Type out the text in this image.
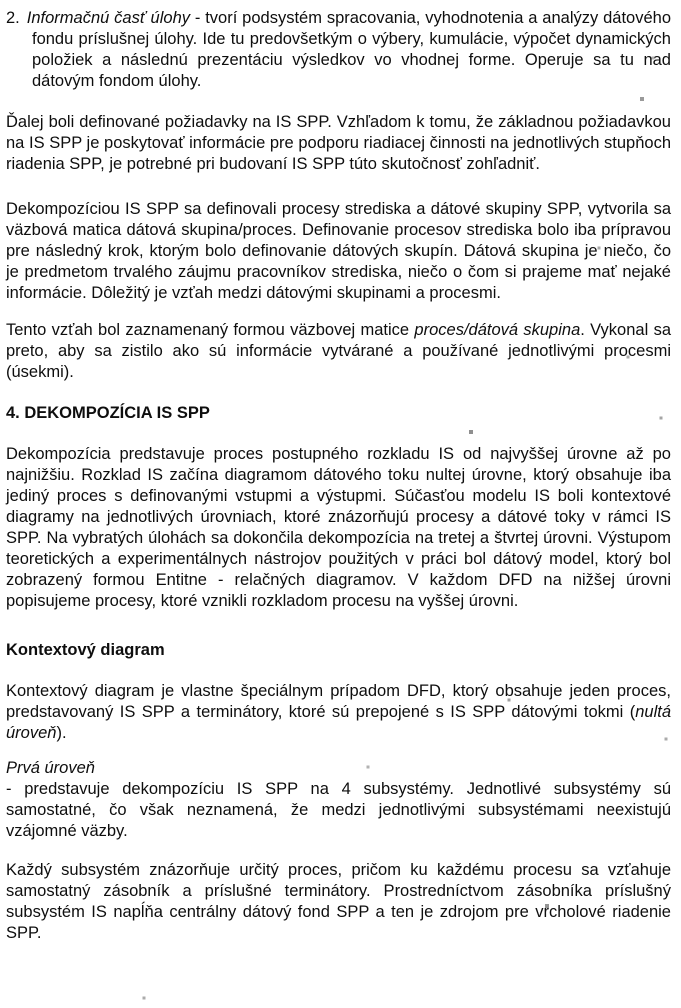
2. Informačnú časť úlohy - tvorí podsystém spracovania, vyhodnotenia a analýzy dátového fondu príslušnej úlohy. Ide tu predovšetkým o výbery, kumulácie, výpočet dynamických položiek a následnú prezentáciu výsledkov vo vhodnej forme. Operuje sa tu nad dátovým fondom úlohy.

Ďalej boli definované požiadavky na IS SPP. Vzhľadom k tomu, že základnou požiadavkou na IS SPP je poskytovať informácie pre podporu riadiacej činnosti na jednotlivých stupňoch riadenia SPP, je potrebné pri budovaní IS SPP túto skutočnosť zohľadniť.

Dekompozíciou IS SPP sa definovali procesy strediska a dátové skupiny SPP, vytvorila sa väzbová matica dátová skupina/proces. Definovanie procesov strediska bolo iba prípravou pre následný krok, ktorým bolo definovanie dátových skupín. Dátová skupina je niečo, čo je predmetom trvalého záujmu pracovníkov strediska, niečo o čom si prajeme mať nejaké informácie. Dôležitý je vzťah medzi dátovými skupinami a procesmi.

Tento vzťah bol zaznamenaný formou väzbovej matice proces/dátová skupina. Vykonal sa preto, aby sa zistilo ako sú informácie vytvárané a používané jednotlivými procesmi (úsekmi).

4. DEKOMPOZÍCIA IS SPP

Dekompozícia predstavuje proces postupného rozkladu IS od najvyššej úrovne až po najnižšiu. Rozklad IS začína diagramom dátového toku nultej úrovne, ktorý obsahuje iba jediný proces s definovanými vstupmi a výstupmi. Súčasťou modelu IS boli kontextové diagramy na jednotlivých úrovniach, ktoré znázorňujú procesy a dátové toky v rámci IS SPP. Na vybratých úlohách sa dokončila dekompozícia na tretej a štvrtej úrovni. Výstupom teoretických a experimentálnych nástrojov použitých v práci bol dátový model, ktorý bol zobrazený formou Entitne - relačných diagramov. V každom DFD na nižšej úrovni popisujeme procesy, ktoré vznikli rozkladom procesu na vyššej úrovni.

Kontextový diagram

Kontextový diagram je vlastne špeciálnym prípadom DFD, ktorý obsahuje jeden proces, predstavovaný IS SPP a terminátory, ktoré sú prepojené s IS SPP dátovými tokmi (nultá úroveň).

Prvá úroveň

- predstavuje dekompozíciu IS SPP na 4 subsystémy. Jednotlivé subsystémy sú samostatné, čo však neznamená, že medzi jednotlivými subsystémami neexistujú vzájomné väzby.

Každý subsystém znázorňuje určitý proces, pričom ku každému procesu sa vzťahuje samostatný zásobník a príslušné terminátory. Prostredníctvom zásobníka príslušný subsystém IS napĺňa centrálny dátový fond SPP a ten je zdrojom pre vrcholové riadenie SPP.
